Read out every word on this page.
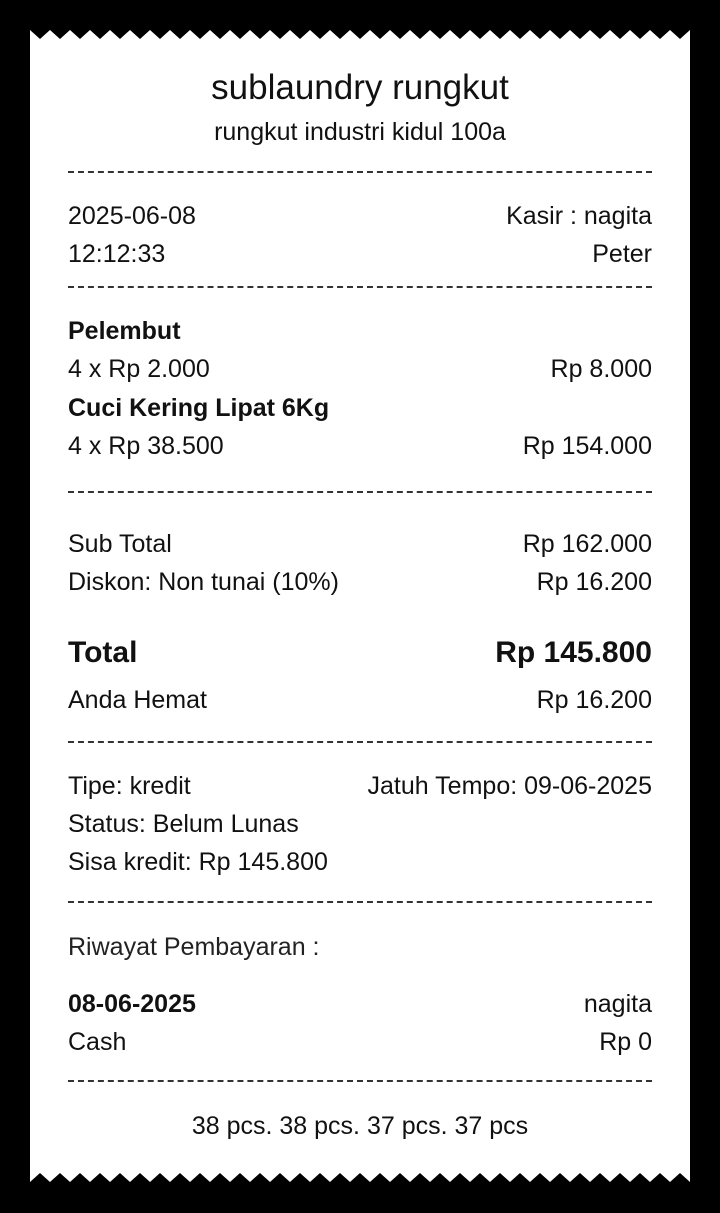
sublaundry rungkut
rungkut industri kidul 100a
2025-06-08	Kasir : nagita
12:12:33	Peter
Pelembut
4 x Rp 2.000	Rp 8.000
Cuci Kering Lipat 6Kg
4 x Rp 38.500	Rp 154.000
Sub Total	Rp 162.000
Diskon: Non tunai (10%)	Rp 16.200
Total	Rp 145.800
Anda Hemat	Rp 16.200
Tipe: kredit	Jatuh Tempo: 09-06-2025
Status: Belum Lunas
Sisa kredit: Rp 145.800
Riwayat Pembayaran :
08-06-2025	nagita
Cash	Rp 0
38 pcs. 38 pcs. 37 pcs. 37 pcs
